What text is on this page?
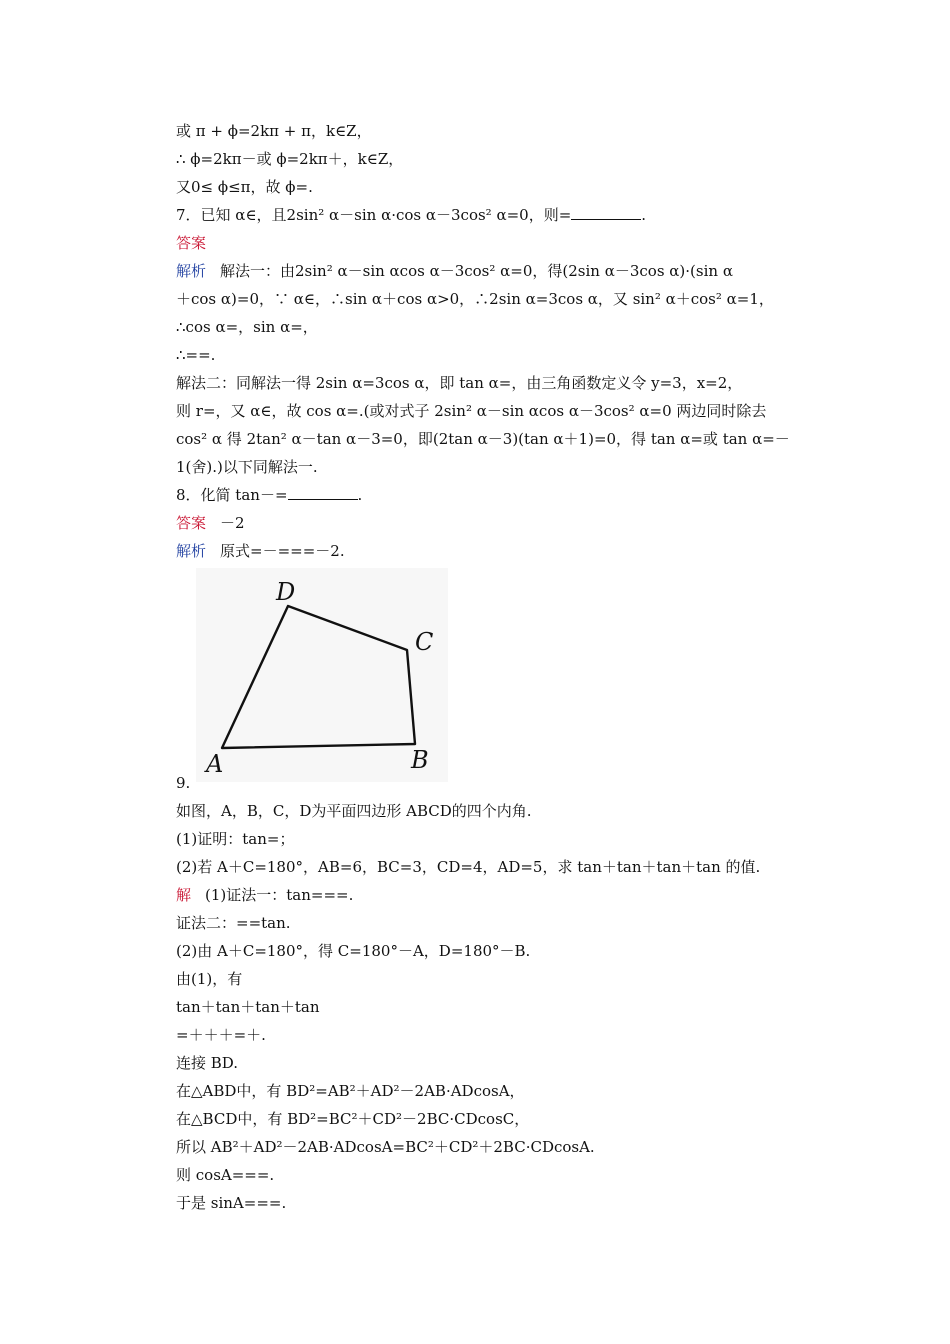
或 π + ϕ=2kπ + π，k∈Z，
∴ ϕ=2kπ－或 ϕ=2kπ＋，k∈Z，
又0≤ ϕ≤π，故 ϕ=.
7．已知 α∈，且2sin² α－sin α·cos α－3cos² α=0，则=	.
答案
解析 解法一：由2sin² α－sin αcos α－3cos² α=0，得(2sin α－3cos α)·(sin α
＋cos α)=0，∵ α∈，∴sin α＋cos α>0，∴2sin α=3cos α，又 sin² α＋cos² α=1，
∴cos α=，sin α=，
∴==.
解法二：同解法一得 2sin α=3cos α，即 tan α=，由三角函数定义令 y=3，x=2，
则 r=，又 α∈，故 cos α=.(或对式子 2sin² α－sin αcos α－3cos² α=0 两边同时除去
cos² α 得 2tan² α－tan α－3=0，即(2tan α－3)(tan α＋1)=0，得 tan α=或 tan α=－
1(舍).)以下同解法一.
8．化简 tan－=	.
答案 －2
解析 原式=－===－2.
D
C
A	B
9.
如图，A，B，C，D为平面四边形 ABCD的四个内角.
(1)证明：tan=；
(2)若 A＋C=180°，AB=6，BC=3，CD=4，AD=5，求 tan＋tan＋tan＋tan 的值.
解 (1)证法一：tan===.
证法二：==tan.
(2)由 A＋C=180°，得 C=180°－A，D=180°－B.
由(1)，有
tan＋tan＋tan＋tan
=＋＋＋=＋.
连接 BD.
在△ABD中，有 BD²=AB²＋AD²－2AB·ADcosA，
在△BCD中，有 BD²=BC²＋CD²－2BC·CDcosC，
所以 AB²＋AD²－2AB·ADcosA=BC²＋CD²＋2BC·CDcosA.
则 cosA===.
于是 sinA===.
